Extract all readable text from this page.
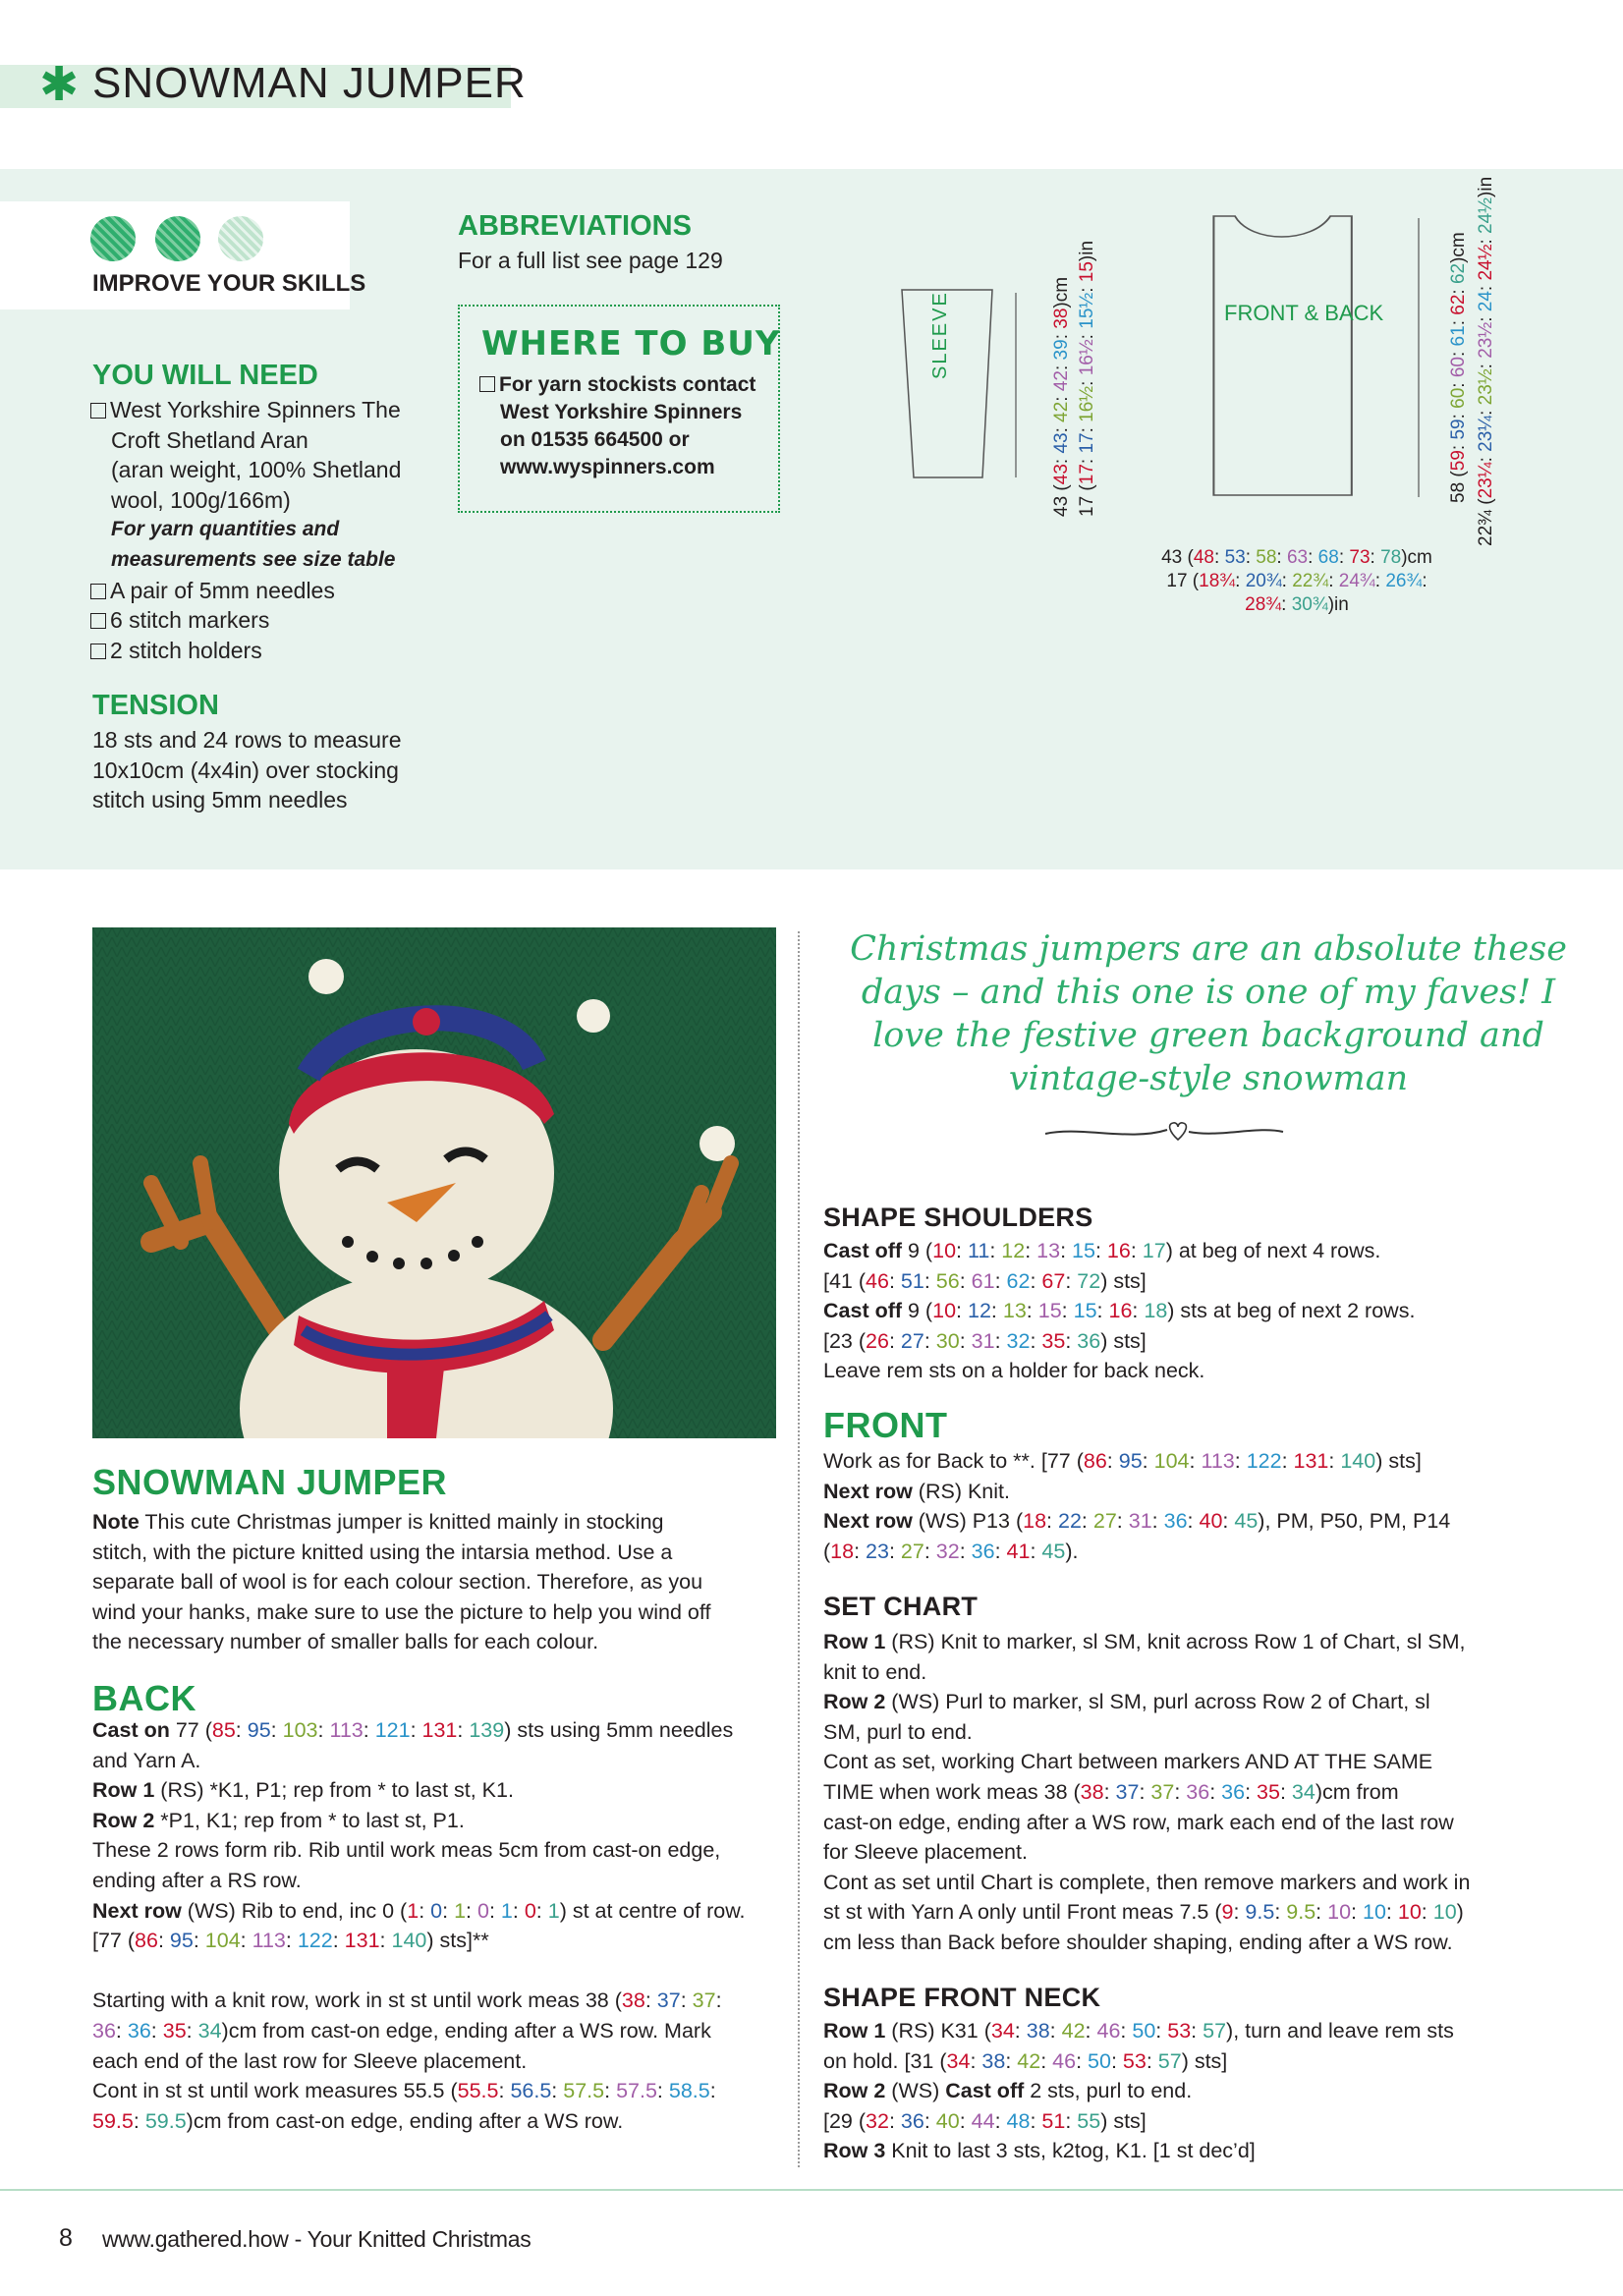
✱ SNOWMAN JUMPER
IMPROVE YOUR SKILLS
YOU WILL NEED
West Yorkshire Spinners The
Croft Shetland Aran
(aran weight, 100% Shetland
wool, 100g/166m)
For yarn quantities and
measurements see size table
A pair of 5mm needles
6 stitch markers
2 stitch holders
TENSION
18 sts and 24 rows to measure
10x10cm (4x4in) over stocking
stitch using 5mm needles
ABBREVIATIONS
For a full list see page 129
WHERE TO BUY
For yarn stockists contact
West Yorkshire Spinners
on 01535 664500 or
www.wyspinners.com
SLEEVE	FRONT & BACK
43 (43: 43: 42: 42: 39: 38)cm
17 (17: 17: 16½: 16½: 15½: 15)in
58 (59: 59: 60: 60: 61: 62: 62)cm
22¾ (23¼: 23¼: 23½: 23½: 24: 24½: 24½)in
43 (48: 53: 58: 63: 68: 73: 78)cm
17 (18¾: 20¾: 22¾: 24¾: 26¾:
28¾: 30¾)in
Christmas jumpers are an absolute these
days – and this one is one of my faves! I
love the festive green background and
vintage-style snowman
SNOWMAN JUMPER
Note This cute Christmas jumper is knitted mainly in stocking
stitch, with the picture knitted using the intarsia method. Use a
separate ball of wool is for each colour section. Therefore, as you
wind your hanks, make sure to use the picture to help you wind off
the necessary number of smaller balls for each colour.
BACK
Cast on 77 (85: 95: 103: 113: 121: 131: 139) sts using 5mm needles
and Yarn A.
Row 1 (RS) *K1, P1; rep from * to last st, K1.
Row 2 *P1, K1; rep from * to last st, P1.
These 2 rows form rib. Rib until work meas 5cm from cast-on edge,
ending after a RS row.
Next row (WS) Rib to end, inc 0 (1: 0: 1: 0: 1: 0: 1) st at centre of row.
[77 (86: 95: 104: 113: 122: 131: 140) sts]**
Starting with a knit row, work in st st until work meas 38 (38: 37: 37:
36: 36: 35: 34)cm from cast-on edge, ending after a WS row. Mark
each end of the last row for Sleeve placement.
Cont in st st until work measures 55.5 (55.5: 56.5: 57.5: 57.5: 58.5:
59.5: 59.5)cm from cast-on edge, ending after a WS row.
SHAPE SHOULDERS
Cast off 9 (10: 11: 12: 13: 15: 16: 17) at beg of next 4 rows.
[41 (46: 51: 56: 61: 62: 67: 72) sts]
Cast off 9 (10: 12: 13: 15: 15: 16: 18) sts at beg of next 2 rows.
[23 (26: 27: 30: 31: 32: 35: 36) sts]
Leave rem sts on a holder for back neck.
FRONT
Work as for Back to **. [77 (86: 95: 104: 113: 122: 131: 140) sts]
Next row (RS) Knit.
Next row (WS) P13 (18: 22: 27: 31: 36: 40: 45), PM, P50, PM, P14
(18: 23: 27: 32: 36: 41: 45).
SET CHART
Row 1 (RS) Knit to marker, sl SM, knit across Row 1 of Chart, sl SM,
knit to end.
Row 2 (WS) Purl to marker, sl SM, purl across Row 2 of Chart, sl
SM, purl to end.
Cont as set, working Chart between markers AND AT THE SAME
TIME when work meas 38 (38: 37: 37: 36: 36: 35: 34)cm from
cast-on edge, ending after a WS row, mark each end of the last row
for Sleeve placement.
Cont as set until Chart is complete, then remove markers and work in
st st with Yarn A only until Front meas 7.5 (9: 9.5: 9.5: 10: 10: 10: 10)
cm less than Back before shoulder shaping, ending after a WS row.
SHAPE FRONT NECK
Row 1 (RS) K31 (34: 38: 42: 46: 50: 53: 57), turn and leave rem sts
on hold. [31 (34: 38: 42: 46: 50: 53: 57) sts]
Row 2 (WS) Cast off 2 sts, purl to end.
[29 (32: 36: 40: 44: 48: 51: 55) sts]
Row 3 Knit to last 3 sts, k2tog, K1. [1 st dec’d]
8 www.gathered.how - Your Knitted Christmas
